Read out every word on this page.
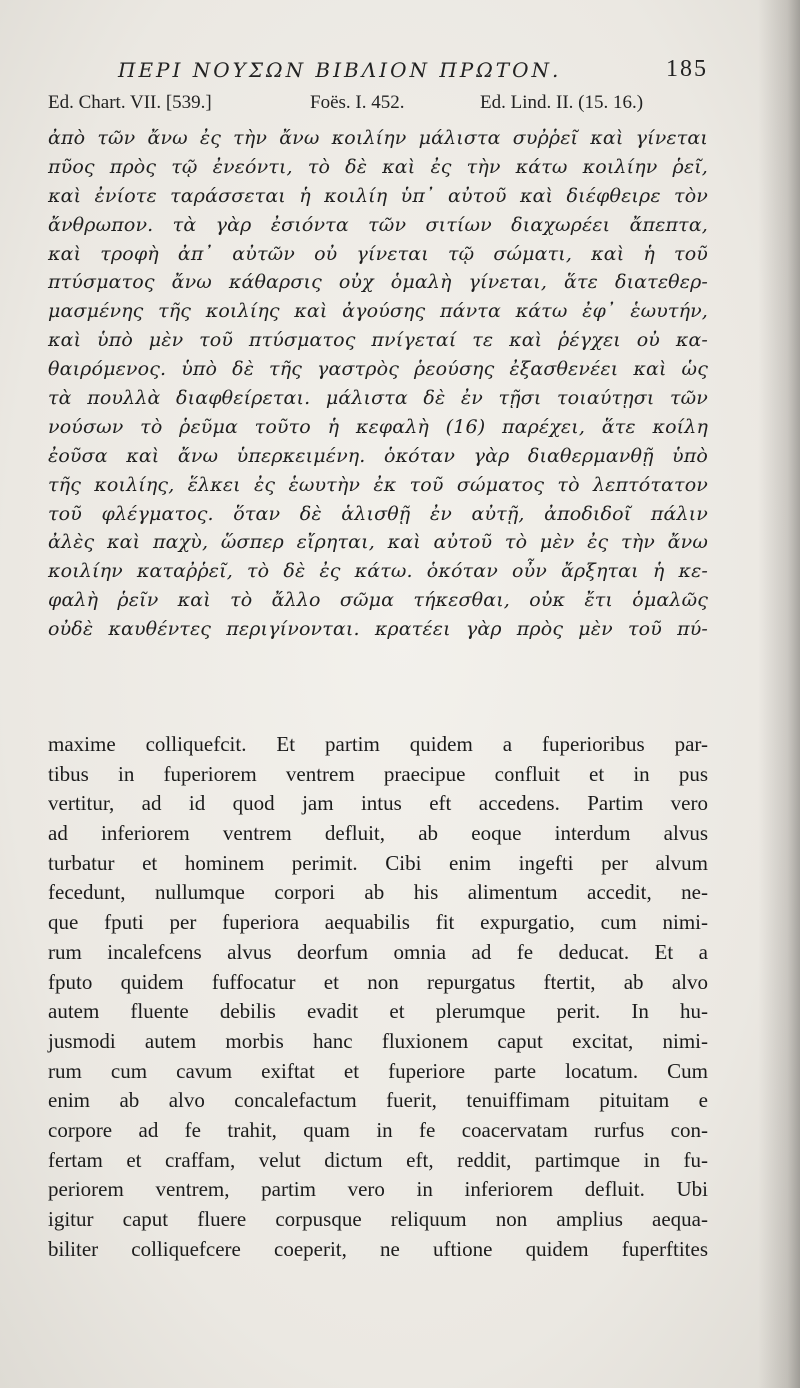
ΠΕΡΙ ΝΟΥΣΩΝ ΒΙΒΛΙΟΝ ΠΡΩΤΟΝ.	185
Ed. Chart. VII. [539.]	Foës. I. 452.	Ed. Lind. II. (15. 16.)
ἀπὸ τῶν ἄνω ἐς τὴν ἄνω κοιλίην μάλιστα συῤῥεῖ καὶ γίνεται
πῦος πρὸς τῷ ἐνεόντι, τὸ δὲ καὶ ἐς τὴν κάτω κοιλίην ῥεῖ,
καὶ ἐνίοτε ταράσσεται ἡ κοιλίη ὑπ᾿ αὐτοῦ καὶ διέφθειρε τὸν
ἄνθρωπον. τὰ γὰρ ἐσιόντα τῶν σιτίων διαχωρέει ἄπεπτα,
καὶ τροφὴ ἀπ᾿ αὐτῶν οὐ γίνεται τῷ σώματι, καὶ ἡ τοῦ
πτύσματος ἄνω κάθαρσις οὐχ ὁμαλὴ γίνεται, ἅτε διατεθερ-
μασμένης τῆς κοιλίης καὶ ἀγούσης πάντα κάτω ἐφ᾿ ἑωυτήν,
καὶ ὑπὸ μὲν τοῦ πτύσματος πνίγεταί τε καὶ ῥέγχει οὐ κα-
θαιρόμενος. ὑπὸ δὲ τῆς γαστρὸς ῥεούσης ἐξασθενέει καὶ ὡς
τὰ πουλλὰ διαφθείρεται. μάλιστα δὲ ἐν τῇσι τοιαύτῃσι τῶν
νούσων τὸ ῥεῦμα τοῦτο ἡ κεφαλὴ (16) παρέχει, ἅτε κοίλη
ἐοῦσα καὶ ἄνω ὑπερκειμένη. ὁκόταν γὰρ διαθερμανθῇ ὑπὸ
τῆς κοιλίης, ἕλκει ἐς ἑωυτὴν ἐκ τοῦ σώματος τὸ λεπτότατον
τοῦ φλέγματος. ὅταν δὲ ἁλισθῇ ἐν αὐτῇ, ἀποδιδοῖ πάλιν
ἀλὲς καὶ παχὺ, ὥσπερ εἴρηται, καὶ αὐτοῦ τὸ μὲν ἐς τὴν ἄνω
κοιλίην καταῤῥεῖ, τὸ δὲ ἐς κάτω. ὁκόταν οὖν ἄρξηται ἡ κε-
φαλὴ ῥεῖν καὶ τὸ ἄλλο σῶμα τήκεσθαι, οὐκ ἔτι ὁμαλῶς
οὐδὲ καυθέντες περιγίνονται. κρατέει γὰρ πρὸς μὲν τοῦ πύ-
maxime colliquefcit. Et partim quidem a fuperioribus par-
tibus in fuperiorem ventrem praecipue confluit et in pus
vertitur, ad id quod jam intus eft accedens. Partim vero
ad inferiorem ventrem defluit, ab eoque interdum alvus
turbatur et hominem perimit. Cibi enim ingefti per alvum
fecedunt, nullumque corpori ab his alimentum accedit, ne-
que fputi per fuperiora aequabilis fit expurgatio, cum nimi-
rum incalefcens alvus deorfum omnia ad fe deducat. Et a
fputo quidem fuffocatur et non repurgatus ftertit, ab alvo
autem fluente debilis evadit et plerumque perit. In hu-
jusmodi autem morbis hanc fluxionem caput excitat, nimi-
rum cum cavum exiftat et fuperiore parte locatum. Cum
enim ab alvo concalefactum fuerit, tenuiffimam pituitam e
corpore ad fe trahit, quam in fe coacervatam rurfus con-
fertam et craffam, velut dictum eft, reddit, partimque in fu-
periorem ventrem, partim vero in inferiorem defluit. Ubi
igitur caput fluere corpusque reliquum non amplius aequa-
biliter colliquefcere coeperit, ne uftione quidem fuperftites
